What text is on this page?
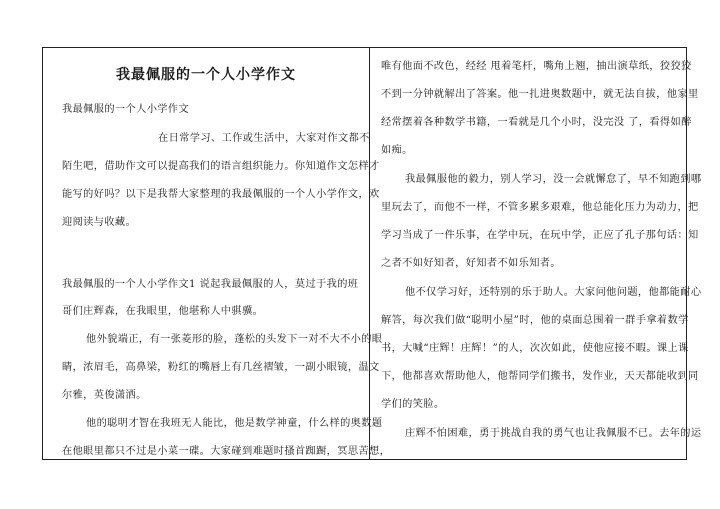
我最佩服的一个人小学作文
我最佩服的一个人小学作文
在日常学习、工作或生活中，大家对作文都不
陌生吧，借助作文可以提高我们的语言组织能力。你知道作文怎样才
能写的好吗？以下是我帮大家整理的我最佩服的一个人小学作文，欢
迎阅读与收藏。
我最佩服的一个人小学作文1 说起我最佩服的人，莫过于我的班
哥们庄辉森，在我眼里，他堪称人中骐骥。
他外貌端正，有一张菱形的脸，蓬松的头发下一对不大不小的眼
睛，浓眉毛，高鼻梁，粉红的嘴唇上有几丝褶皱，一副小眼镜，温文
尔雅，英俊潇洒。
他的聪明才智在我班无人能比，他是数学神童，什么样的奥数题
在他眼里都只不过是小菜一碟。大家碰到难题时搔首踟蹰，冥思苦想，
唯有他面不改色，经经 甩着笔杆，嘴角上翘，抽出演草纸，狡狡狡
不到一分钟就解出了答案。他一扎进奥数题中，就无法自拔，他家里
经常摆着各种数学书籍，一看就是几个小时，没完没 了，看得如醉
如痴。
我最佩服他的毅力，别人学习，没一会就懈怠了，早不知跑到哪
里玩去了，而他不一样，不管多累多艰难，他总能化压力为动力，把
学习当成了一件乐事，在学中玩，在玩中学，正应了孔子那句话：知
之者不如好知者，好知者不如乐知者。
他不仅学习好，还特别的乐于助人。大家问他问题，他都能耐心
解答，每次我们做“聪明小屋”时，他的桌面总围着一群手拿着数学
书，大喊“庄辉！庄辉！”的人，次次如此，使他应接不暇。课上课
下，他都喜欢帮助他人，他帮同学们搬书，发作业，天天都能收到同
学们的笑脸。
庄辉不怕困难，勇于挑战自我的勇气也让我佩服不已。去年的运
